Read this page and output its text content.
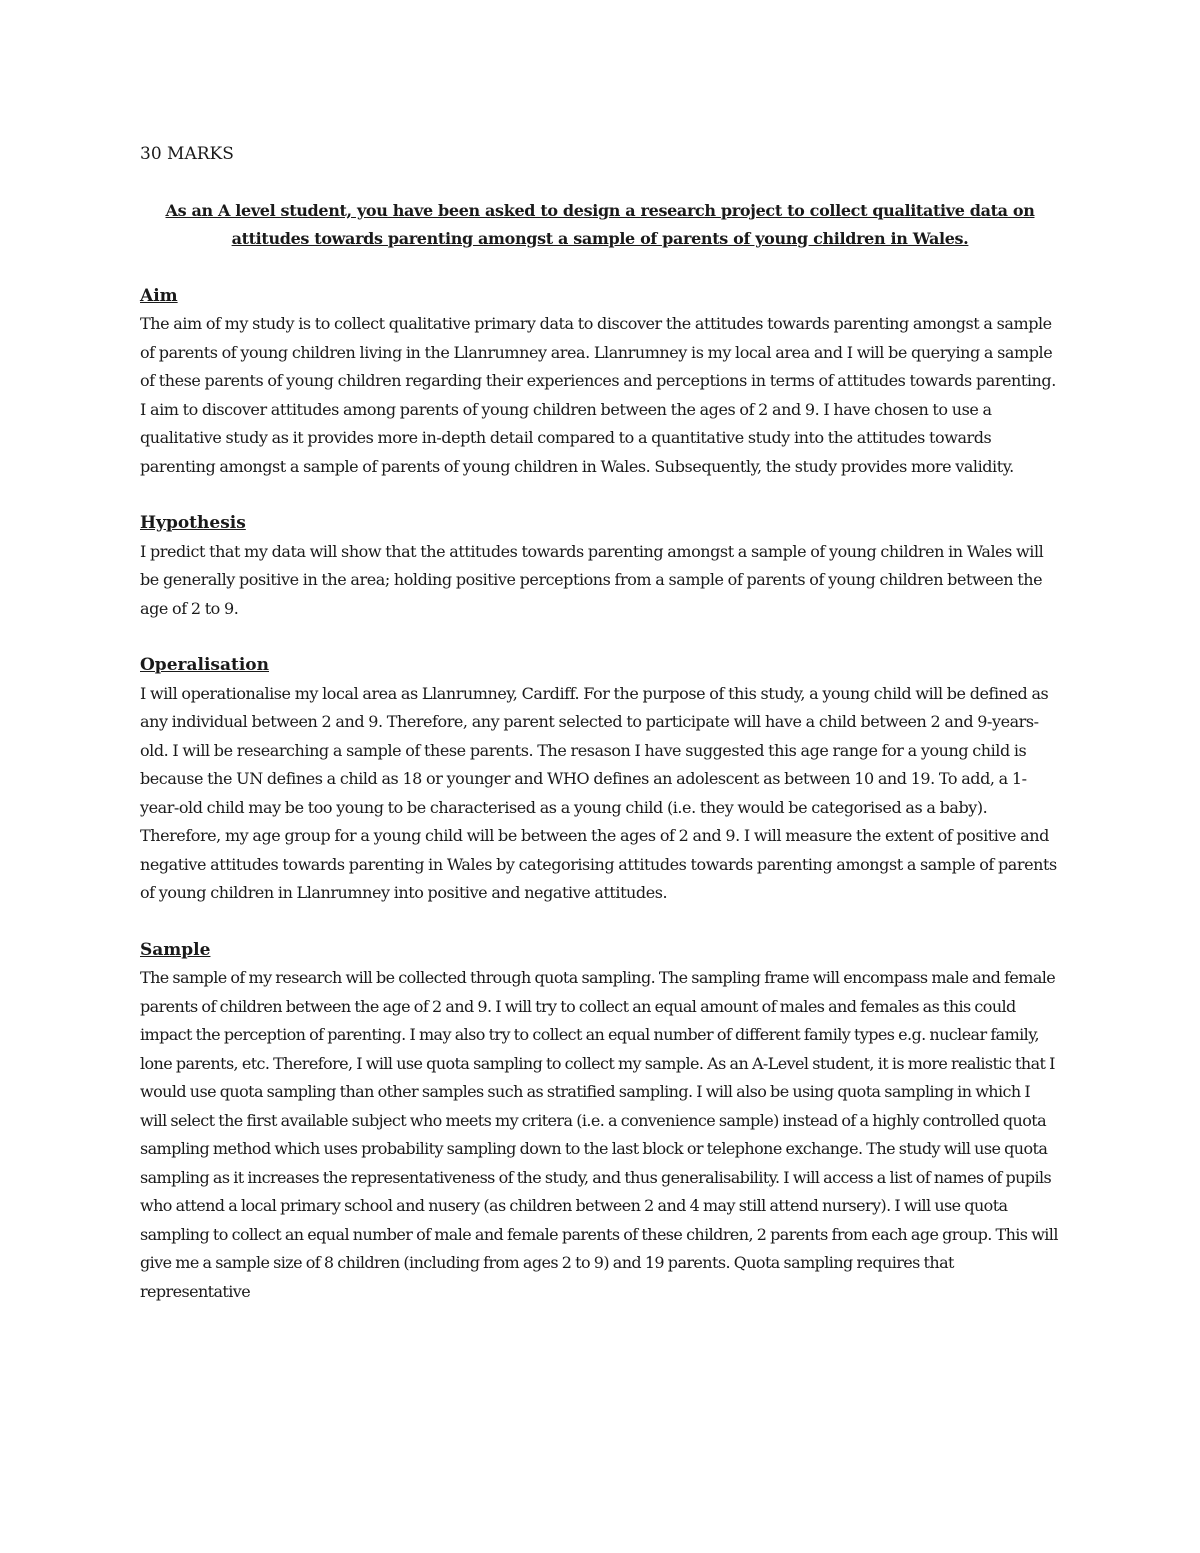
30 MARKS

As an A level student, you have been asked to design a research project to collect qualitative data on attitudes towards parenting amongst a sample of parents of young children in Wales.

Aim

The aim of my study is to collect qualitative primary data to discover the attitudes towards parenting amongst a sample of parents of young children living in the Llanrumney area. Llanrumney is my local area and I will be querying a sample of these parents of young children regarding their experiences and perceptions in terms of attitudes towards parenting. I aim to discover attitudes among parents of young children between the ages of 2 and 9. I have chosen to use a qualitative study as it provides more in-depth detail compared to a quantitative study into the attitudes towards parenting amongst a sample of parents of young children in Wales. Subsequently, the study provides more validity.

Hypothesis

I predict that my data will show that the attitudes towards parenting amongst a sample of young children in Wales will be generally positive in the area; holding positive perceptions from a sample of parents of young children between the age of 2 to 9.

Operalisation

I will operationalise my local area as Llanrumney, Cardiff. For the purpose of this study, a young child will be defined as any individual between 2 and 9. Therefore, any parent selected to participate will have a child between 2 and 9-years-old. I will be researching a sample of these parents. The resason I have suggested this age range for a young child is because the UN defines a child as 18 or younger and WHO defines an adolescent as between 10 and 19. To add, a 1-year-old child may be too young to be characterised as a young child (i.e. they would be categorised as a baby). Therefore, my age group for a young child will be between the ages of 2 and 9. I will measure the extent of positive and negative attitudes towards parenting in Wales by categorising attitudes towards parenting amongst a sample of parents of young children in Llanrumney into positive and negative attitudes.

Sample

The sample of my research will be collected through quota sampling. The sampling frame will encompass male and female parents of children between the age of 2 and 9. I will try to collect an equal amount of males and females as this could impact the perception of parenting. I may also try to collect an equal number of different family types e.g. nuclear family, lone parents, etc. Therefore, I will use quota sampling to collect my sample. As an A-Level student, it is more realistic that I would use quota sampling than other samples such as stratified sampling. I will also be using quota sampling in which I will select the first available subject who meets my critera (i.e. a convenience sample) instead of a highly controlled quota sampling method which uses probability sampling down to the last block or telephone exchange. The study will use quota sampling as it increases the representativeness of the study, and thus generalisability. I will access a list of names of pupils who attend a local primary school and nusery (as children between 2 and 4 may still attend nursery). I will use quota sampling to collect an equal number of male and female parents of these children, 2 parents from each age group. This will give me a sample size of 8 children (including from ages 2 to 9) and 19 parents. Quota sampling requires that representative
